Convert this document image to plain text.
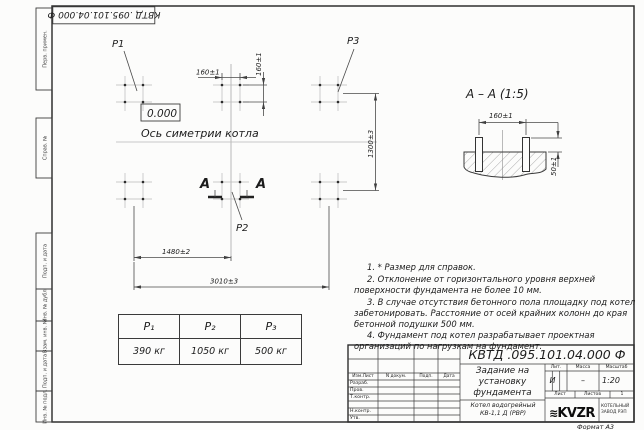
Перв. примен.
Справ. №
Подп. и дата
Инв. № дубл.
Взам. инв. №
Подп. и дата
Инв. № подл.
КВТД .095.101.04.000 Ф
P1	P3
P2
160±1	160±1
1480±2
3010±3
1300±3
0.000
Ось симетрии котла
А	А
А – А (1:5)
160±1
50±1

1. * Размер для справок.

2. Отклонение от горизонтального уровня верхней поверхности фундамента не более 10 мм.

3. В случае отсутствия бетонного пола площадку под котел забетонировать. Расстояние от осей крайних колонн до края бетонной подушки 500 мм.

4. Фундамент под котел разрабатывает проектная организаций по нагрузкам на фундамент.

P₁	P₂	P₃
390 кг	1050 кг	500 кг	КВТД .095.101.04.000 Ф
Изм.Лист	N докум.	Подп.	Дата
Разраб.
Пров.
Т.контр.
Н.контр.
Утв.
Задание на установку фундамента
Котел водогрейный КВ-1,1 Д (РВР)
Лит.	Масса	Масштаб
И	–	1:20
Лист	Листов	1
≋KVZR	КОТЕЛЬНЫЙ ЗАВОД РЭП
Формат А3
